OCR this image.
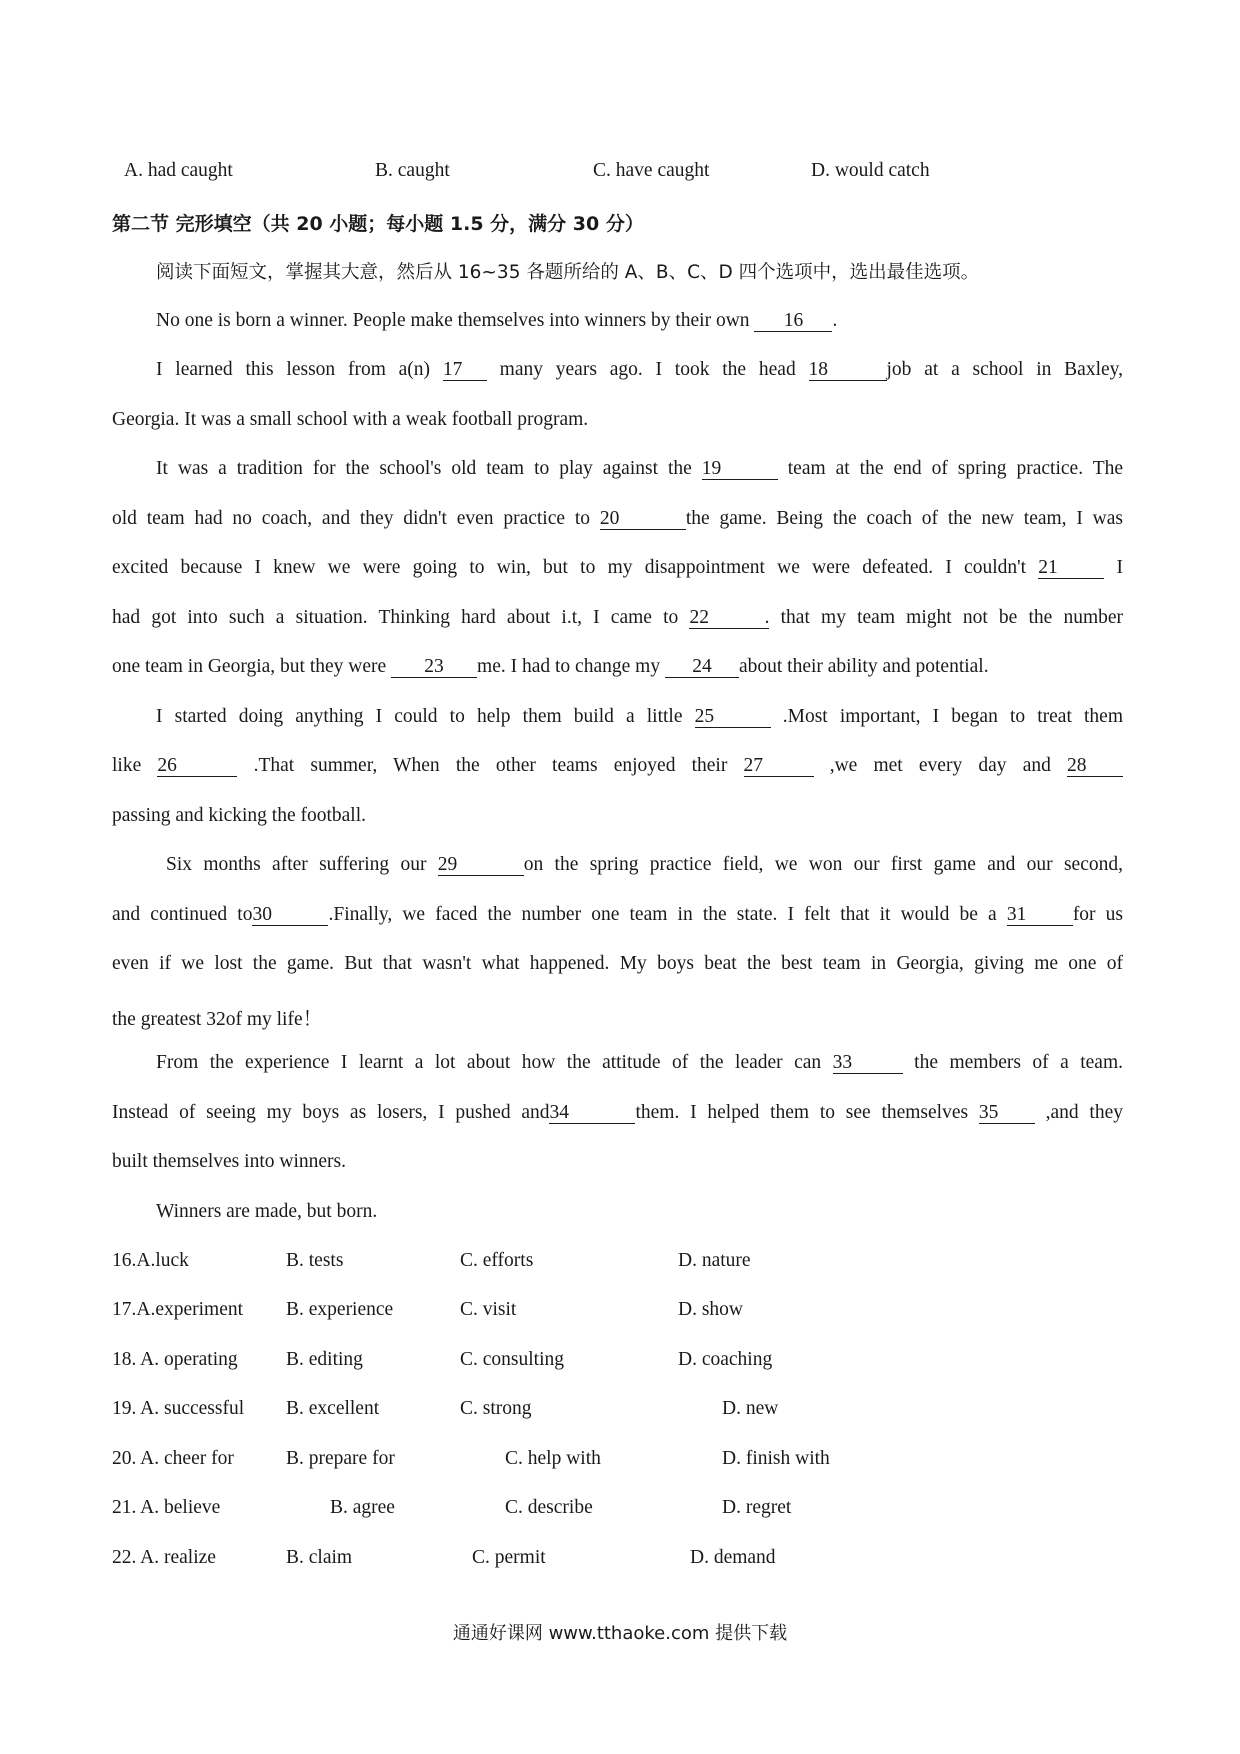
A. had caught	B. caught	C. have caught	D. would catch
第二节 完形填空（共 20 小题；每小题 1.5 分，满分 30 分）
阅读下面短文，掌握其大意，然后从 16~35 各题所给的 A、B、C、D 四个选项中，选出最佳选项。
No one is born a winner. People make themselves into winners by their own 16 .
I learned this lesson from a(n) 17 many years ago. I took the head 18	job at a school in Baxley,
Georgia. It was a small school with a weak football program.
It was a tradition for the school's old team to play against the 19	team at the end of spring practice. The
old team had no coach, and they didn't even practice to 20	the game. Being the coach of the new team, I was
excited because I knew we were going to win, but to my disappointment we were defeated. I couldn't 21	I
had got into such a situation. Thinking hard about i.t, I came to 22 . that my team might not be the number
one team in Georgia, but they were 23 me. I had to change my 24 about their ability and potential.
I started doing anything I could to help them build a little 25	.Most important, I began to treat them
like 26	.That summer, When the other teams enjoyed their 27	,we met every day and 28
passing and kicking the football.
Six months after suffering our 29	on the spring practice field, we won our first game and our second,
and continued to30	.Finally, we faced the number one team in the state. I felt that it would be a 31 for us
even if we lost the game. But that wasn't what happened. My boys beat the best team in Georgia, giving me one of
the greatest 32of my life！
From the experience I learnt a lot about how the attitude of the leader can 33	the members of a team.
Instead of seeing my boys as losers, I pushed and34	them. I helped them to see themselves 35 ,and they
built themselves into winners.
Winners are made, but born.
16.A.luck	B. tests	C. efforts	D. nature
17.A.experiment B. experience	C. visit	D. show
18. A. operating B. editing	C. consulting	D. coaching
19. A. successful B. excellent	C. strong	D. new
20. A. cheer for	B. prepare for	C. help with	D. finish with
21. A. believe	B. agree	C. describe	D. regret
22. A. realize	B. claim	C. permit	D. demand
通通好课网 www.tthaoke.com 提供下载
